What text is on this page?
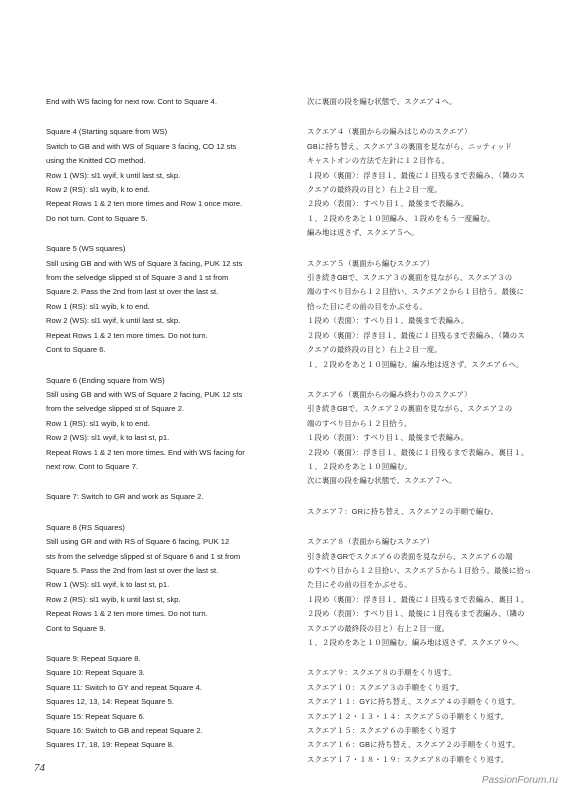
End with WS facing for next row. Cont to Square 4.
Square 4 (Starting square from WS)
Switch to GB and with WS of Square 3 facing, CO 12 sts
using the Knitted CO method.
Row 1 (WS): sl1 wyif, k until last st, skp.
Row 2 (RS): sl1 wyib, k to end.
Repeat Rows 1 & 2 ten more times and Row 1 once more.
Do not turn. Cont to Square 5.
Square 5 (WS squares)
Still using GB and with WS of Square 3 facing, PUK 12 sts
from the selvedge slipped st of Square 3 and 1 st from
Square 2. Pass the 2nd from last st over the last st.
Row 1 (RS): sl1 wyib, k to end.
Row 2 (WS): sl1 wyif, k until last st, skp.
Repeat Rows 1 & 2 ten more times. Do not turn.
Cont to Square 6.
Square 6 (Ending square from WS)
Still using GB and with WS of Square 2 facing, PUK 12 sts
from the selvedge slipped st of Square 2.
Row 1 (RS): sl1 wyib, k to end.
Row 2 (WS): sl1 wyif, k to last st, p1.
Repeat Rows 1 & 2 ten more times. End with WS facing for
next row. Cont to Square 7.
Square 7: Switch to GR and work as Square 2.
Square 8 (RS Squares)
Still using GR and with RS of Square 6 facing, PUK 12
sts from the selvedge slipped st of Square 6 and 1 st from
Square 5. Pass the 2nd from last st over the last st.
Row 1 (WS): sl1 wyif, k to last st, p1.
Row 2 (RS): sl1 wyib, k until last st, skp.
Repeat Rows 1 & 2 ten more times. Do not turn.
Cont to Square 9.
Square 9: Repeat Square 8.
Square 10: Repeat Square 3.
Square 11: Switch to GY and repeat Square 4.
Squares 12, 13, 14: Repeat Square 5.
Square 15: Repeat Square 6.
Square 16: Switch to GB and repeat Square 2.
Squares 17, 18, 19: Repeat Square 8.
次に裏面の段を編む状態で、スクエア４へ。
スクエア４（裏面からの編みはじめのスクエア）
GBに持ち替え、スクエア３の裏面を見ながら、ニッティッド
キャストオンの方法で左針に１２目作る。
１段め（裏面）：浮き目１、最後に１目残るまで表編み、（隣のス
クエアの最終段の目と）右上２目一度。
２段め（表面）：すべり目１、最後まで表編み。
１、２段めをあと１０回編み、１段めをもう一度編む。
編み地は返さず、スクエア５へ。
スクエア５（裏面から編むスクエア）
引き続きGBで、スクエア３の裏面を見ながら、スクエア３の
端のすべり目から１２目拾い、スクエア２から１目拾う。最後に
拾った目にその前の目をかぶせる。
１段め（表面）：すべり目１、最後まで表編み。
２段め（裏面）：浮き目１、最後に１目残るまで表編み、（隣のス
クエアの最終段の目と）右上２目一度。
１、２段めをあと１０回編む。編み地は返さず、スクエア６へ。
スクエア６（裏面からの編み終わりのスクエア）
引き続きGBで、スクエア２の裏面を見ながら、スクエア２の
端のすべり目から１２目拾う。
１段め（表面）：すべり目１、最後まで表編み。
２段め（裏面）：浮き目１、最後に１目残るまで表編み、裏目１。
１、２段めをあと１０回編む。
次に裏面の段を編む状態で、スクエア７へ。
スクエア７：GRに持ち替え、スクエア２の手順で編む。
スクエア８（表面から編むスクエア）
引き続きGRでスクエア６の表面を見ながら、スクエア６の端
のすべり目から１２目拾い、スクエア５から１目拾う。最後に拾っ
た目にその前の目をかぶせる。
１段め（裏面）：浮き目１、最後に１目残るまで表編み、裏目１。
２段め（表面）：すべり目１、最後に１目残るまで表編み、（隣の
スクエアの最終段の目と）右上２目一度。
１、２段めをあと１０回編む。編み地は返さず、スクエア９へ。
スクエア９：スクエア８の手順をくり返す。
スクエア１０：スクエア３の手順をくり返す。
スクエア１１：GYに持ち替え、スクエア４の手順をくり返す。
スクエア１２・１３・１４：スクエア５の手順をくり返す。
スクエア１５：スクエア６の手順をくり返す
スクエア１６：GBに持ち替え、スクエア２の手順をくり返す。
スクエア１７・１８・１９：スクエア８の手順をくり返す。
74
PassionForum.ru
